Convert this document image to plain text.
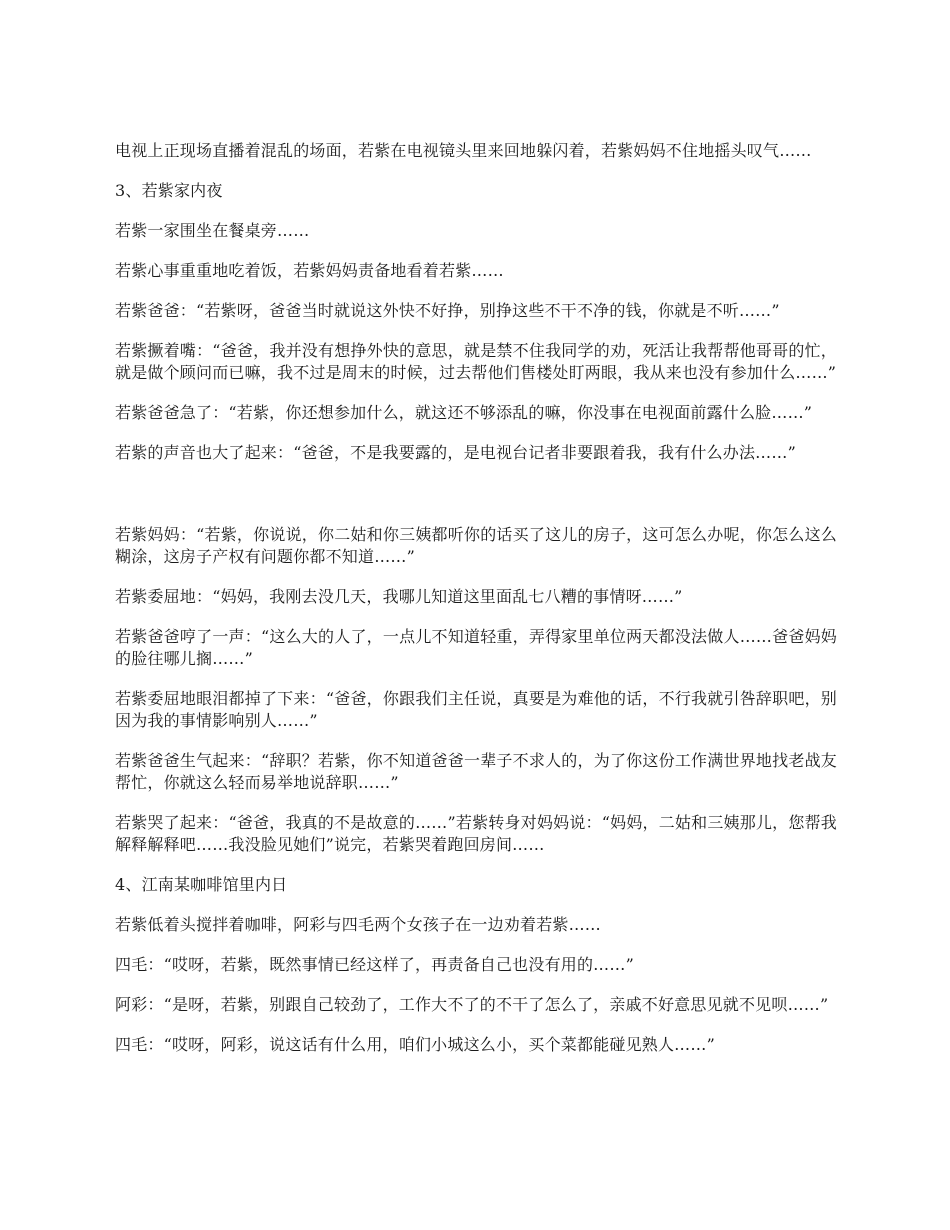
电视上正现场直播着混乱的场面，若紫在电视镜头里来回地躲闪着，若紫妈妈不住地摇头叹气……

3、若紫家内夜

若紫一家围坐在餐桌旁……

若紫心事重重地吃着饭，若紫妈妈责备地看着若紫……

若紫爸爸：“若紫呀，爸爸当时就说这外快不好挣，别挣这些不干不净的钱，你就是不听……”

若紫撅着嘴：“爸爸，我并没有想挣外快的意思，就是禁不住我同学的劝，死活让我帮帮他哥哥的忙，就是做个顾问而已嘛，我不过是周末的时候，过去帮他们售楼处盯两眼，我从来也没有参加什么……”

若紫爸爸急了：“若紫，你还想参加什么，就这还不够添乱的嘛，你没事在电视面前露什么脸……”

若紫的声音也大了起来：“爸爸，不是我要露的，是电视台记者非要跟着我，我有什么办法……”

若紫妈妈：“若紫，你说说，你二姑和你三姨都听你的话买了这儿的房子，这可怎么办呢，你怎么这么糊涂，这房子产权有问题你都不知道……”

若紫委屈地：“妈妈，我刚去没几天，我哪儿知道这里面乱七八糟的事情呀……”

若紫爸爸哼了一声：“这么大的人了，一点儿不知道轻重，弄得家里单位两天都没法做人……爸爸妈妈的脸往哪儿搁……”

若紫委屈地眼泪都掉了下来：“爸爸，你跟我们主任说，真要是为难他的话，不行我就引咎辞职吧，别因为我的事情影响别人……”

若紫爸爸生气起来：“辞职？若紫，你不知道爸爸一辈子不求人的，为了你这份工作满世界地找老战友帮忙，你就这么轻而易举地说辞职……”

若紫哭了起来：“爸爸，我真的不是故意的……”若紫转身对妈妈说：“妈妈，二姑和三姨那儿，您帮我解释解释吧……我没脸见她们”说完，若紫哭着跑回房间……

4、江南某咖啡馆里内日

若紫低着头搅拌着咖啡，阿彩与四毛两个女孩子在一边劝着若紫……

四毛：“哎呀，若紫，既然事情已经这样了，再责备自己也没有用的……”

阿彩：“是呀，若紫，别跟自己较劲了，工作大不了的不干了怎么了，亲戚不好意思见就不见呗……”

四毛：“哎呀，阿彩，说这话有什么用，咱们小城这么小，买个菜都能碰见熟人……”
